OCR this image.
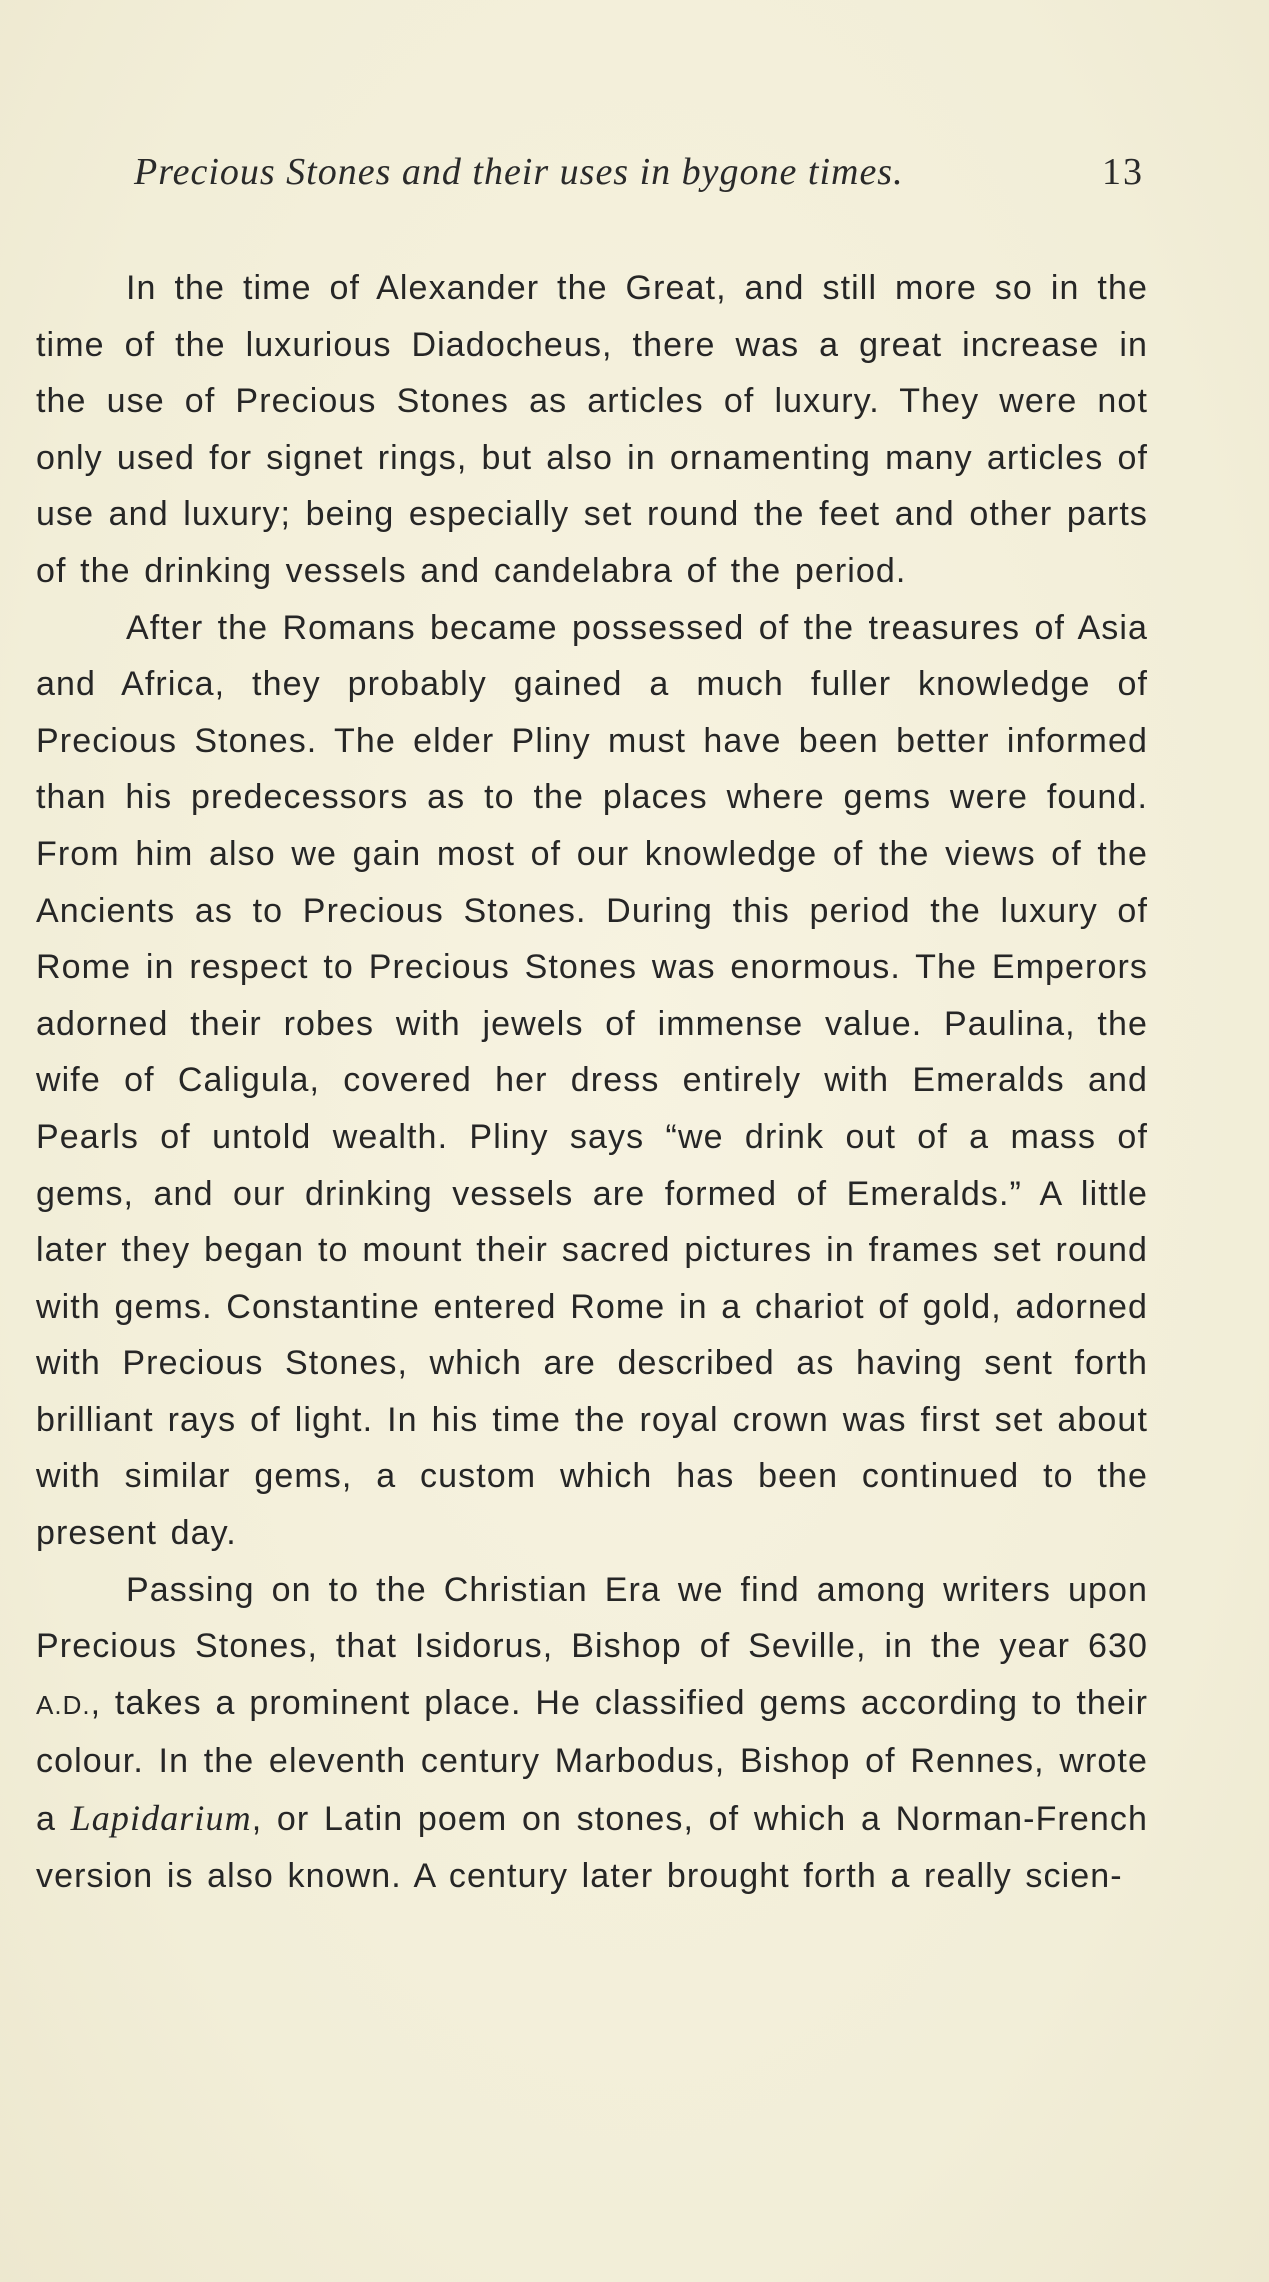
Precious Stones and their uses in bygone times.	13

In the time of Alexander the Great, and still more so in the time of the luxurious Diadocheus, there was a great increase in the use of Precious Stones as articles of luxury. They were not only used for signet rings, but also in ornamenting many articles of use and luxury; being especially set round the feet and other parts of the drinking vessels and candelabra of the period.

After the Romans became possessed of the treasures of Asia and Africa, they probably gained a much fuller knowledge of Precious Stones. The elder Pliny must have been better informed than his predecessors as to the places where gems were found. From him also we gain most of our knowledge of the views of the Ancients as to Precious Stones. During this period the luxury of Rome in respect to Precious Stones was enormous. The Emperors adorned their robes with jewels of immense value. Paulina, the wife of Caligula, covered her dress entirely with Emeralds and Pearls of untold wealth. Pliny says “we drink out of a mass of gems, and our drinking vessels are formed of Emeralds.” A little later they began to mount their sacred pictures in frames set round with gems. Constantine entered Rome in a chariot of gold, adorned with Precious Stones, which are described as having sent forth brilliant rays of light. In his time the royal crown was first set about with similar gems, a custom which has been continued to the present day.

Passing on to the Christian Era we find among writers upon Precious Stones, that Isidorus, Bishop of Seville, in the year 630 A.D., takes a prominent place. He classified gems according to their colour. In the eleventh century Marbodus, Bishop of Rennes, wrote a Lapidarium, or Latin poem on stones, of which a Norman-French version is also known. A century later brought forth a really scien-
